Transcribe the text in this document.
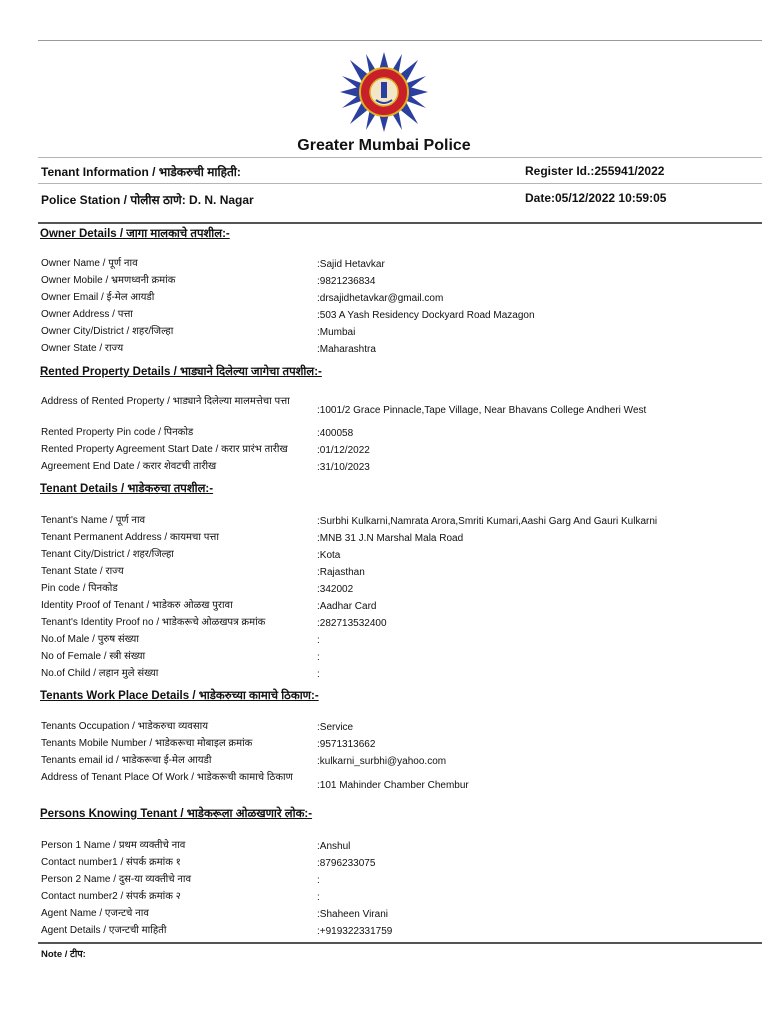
Greater Mumbai Police
Tenant Information / भाडेकरुची माहिती:	Register Id.:255941/2022
Police Station / पोलीस ठाणे: D. N. Nagar	Date:05/12/2022 10:59:05
Owner Details / जागा मालकाचे तपशील:-
Owner Name / पूर्ण नाव	:Sajid Hetavkar
Owner Mobile / भ्रमणध्वनी क्रमांक	:9821236834
Owner Email / ई-मेल आयडी	:drsajidhetavkar@gmail.com
Owner Address / पत्ता	:503 A Yash Residency Dockyard Road Mazagon
Owner City/District / शहर/जिल्हा	:Mumbai
Owner State / राज्य	:Maharashtra
Rented Property Details / भाड्याने दिलेल्या जागेचा तपशील:-
Address of Rented Property / भाड्याने दिलेल्या मालमत्तेचा पत्ता
:1001/2 Grace Pinnacle,Tape Village, Near Bhavans College Andheri West
Rented Property Pin code / पिनकोड	:400058
Rented Property Agreement Start Date / करार प्रारंभ तारीख	:01/12/2022
Agreement End Date / करार शेवटची तारीख	:31/10/2023
Tenant Details / भाडेकरुचा तपशील:-
Tenant's Name / पूर्ण नाव	:Surbhi Kulkarni,Namrata Arora,Smriti Kumari,Aashi Garg And Gauri Kulkarni
Tenant Permanent Address / कायमचा पत्ता	:MNB 31 J.N Marshal Mala Road
Tenant City/District / शहर/जिल्हा	:Kota
Tenant State / राज्य	:Rajasthan
Pin code / पिनकोड	:342002
Identity Proof of Tenant / भाडेकरु ओळख पुरावा	:Aadhar Card
Tenant's Identity Proof no / भाडेकरूचे ओळखपत्र क्रमांक	:282713532400
No.of Male / पुरुष संख्या	:
No of Female / स्त्री संख्या	:
No.of Child / लहान मुले संख्या	:
Tenants Work Place Details / भाडेकरुच्या कामाचे ठिकाण:-
Tenants Occupation / भाडेकरुचा व्यवसाय	:Service
Tenants Mobile Number / भाडेकरूचा मोबाइल क्रमांक	:9571313662
Tenants email id / भाडेकरूचा ई-मेल आयडी	:kulkarni_surbhi@yahoo.com
Address of Tenant Place Of Work / भाडेकरूची कामाचे ठिकाण
:101 Mahinder Chamber Chembur
Persons Knowing Tenant / भाडेकरूला ओळखणारे लोक:-
Person 1 Name / प्रथम व्यक्तीचे नाव	:Anshul
Contact number1 / संपर्क क्रमांक १	:8796233075
Person 2 Name / दुस-या व्यक्तीचे नाव	:
Contact number2 / संपर्क क्रमांक २	:
Agent Name / एजन्टचे नाव	:Shaheen Virani
Agent Details / एजन्टची माहिती	:+919322331759
Note / टीप:
